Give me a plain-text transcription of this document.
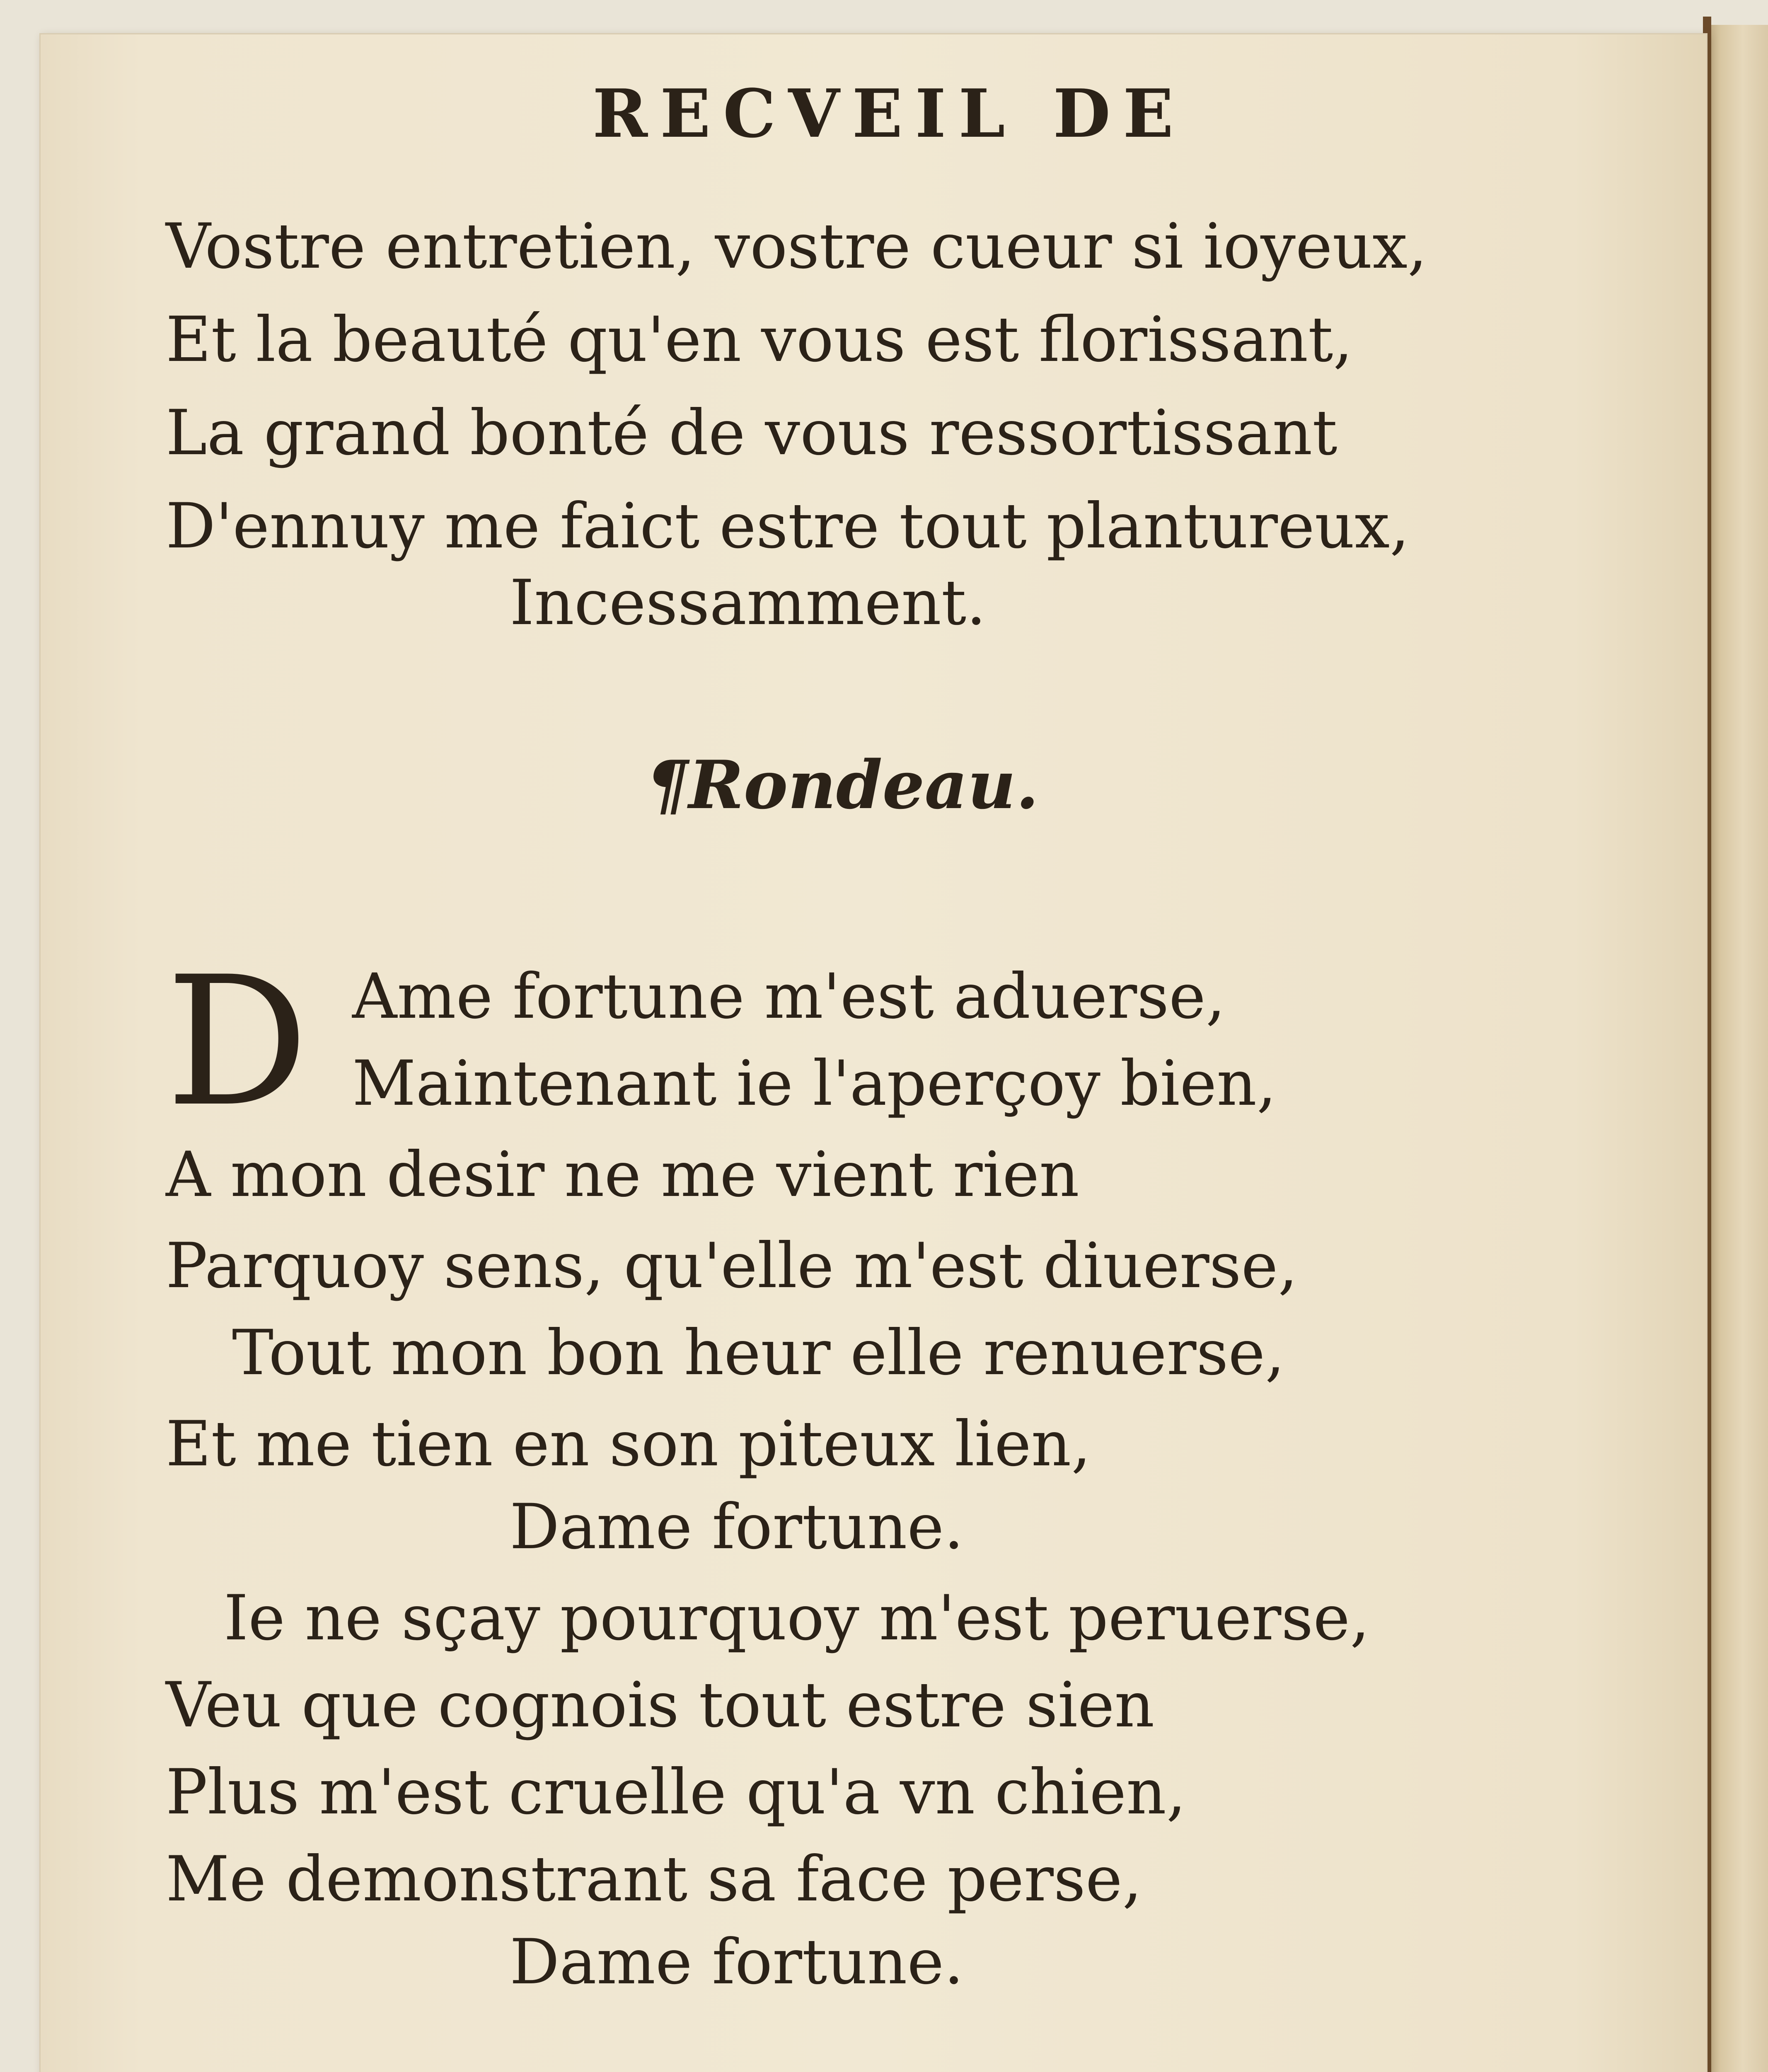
RECVEIL DE
Vostre entretien, vostre cueur si ioyeux,
Et la beauté qu'en vous est florissant,
La grand bonté de vous ressortissant
D'ennuy me faict estre tout plantureux,
Incessamment.
¶Rondeau.
D Ame fortune m'est aduerse,
Maintenant ie l'aperçoy bien,
A mon desir ne me vient rien
Parquoy sens, qu'elle m'est diuerse,
Tout mon bon heur elle renuerse,
Et me tien en son piteux lien,
Dame fortune.
Ie ne sçay pourquoy m'est peruerse,
Veu que cognois tout estre sien
Plus m'est cruelle qu'a vn chien,
Me demonstrant sa face perse,
Dame fortune.
